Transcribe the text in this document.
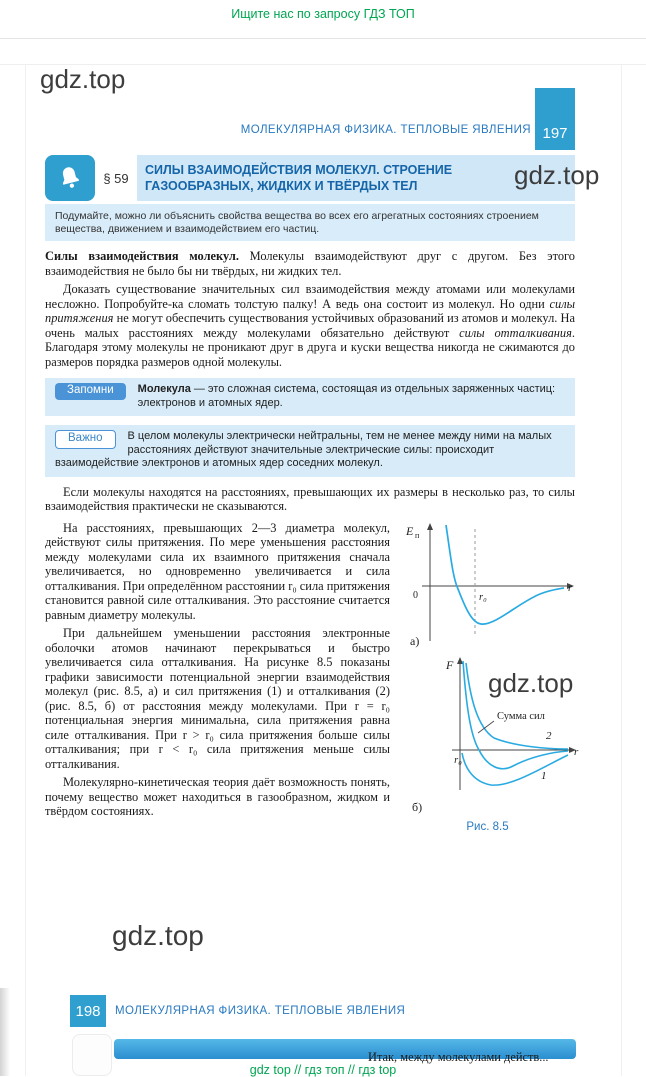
Ищите нас по запросу ГДЗ ТОП
gdz.top
gdz.top
gdz.top
gdz.top
197
МОЛЕКУЛЯРНАЯ ФИЗИКА. ТЕПЛОВЫЕ ЯВЛЕНИЯ
§ 59
СИЛЫ ВЗАИМОДЕЙСТВИЯ МОЛЕКУЛ. СТРОЕНИЕ
ГАЗООБРАЗНЫХ, ЖИДКИХ И ТВЁРДЫХ ТЕЛ
Подумайте, можно ли объяснить свойства вещества во всех его агрегатных состояниях строением вещества, движением и взаимодействием его частиц.

Силы взаимодействия молекул. Молекулы взаимодействуют друг с другом. Без этого взаимодействия не было бы ни твёрдых, ни жидких тел.

Доказать существование значительных сил взаимодействия между атомами или молекулами несложно. Попробуйте-ка сломать толстую палку! А ведь она состоит из молекул. Но одни силы притяжения не могут обеспечить существования устойчивых образований из атомов и молекул. На очень малых расстояниях между молекулами обязательно действуют силы отталкивания. Благодаря этому молекулы не проникают друг в друга и куски вещества никогда не сжимаются до размеров порядка размеров одной молекулы.

Запомни	Молекула — это сложная система, состоящая из отдельных заряженных частиц: электронов и атомных ядер.
Важно	В целом молекулы электрически нейтральны, тем не менее между ними на малых расстояниях действуют значительные электрические силы: происходит взаимодействие электронов и атомных ядер соседних молекул.

Если молекулы находятся на расстояниях, превышающих их размеры в несколько раз, то силы взаимодействия практически не сказываются.

На расстояниях, превышающих 2—3 диаметра молекул, действуют силы притяжения. По мере уменьшения расстояния между молекулами сила их взаимного притяжения сначала увеличивается, но одновременно увеличивается и сила отталкивания. При определённом расстоянии r₀ сила притяжения становится равной силе отталкивания. Это расстояние считается равным диаметру молекулы.

При дальнейшем уменьшении расстояния электронные оболочки атомов начинают перекрываться и быстро увеличивается сила отталкивания. На рисунке 8.5 показаны графики зависимости потенциальной энергии взаимодействия молекул (рис. 8.5, а) и сил притяжения (1) и отталкивания (2) (рис. 8.5, б) от расстояния между молекулами. При r = r₀ потенциальная энергия минимальна, сила притяжения равна силе отталкивания. При r > r₀ сила притяжения больше силы отталкивания; при r < r₀ сила притяжения меньше силы отталкивания.

Молекулярно-кинетическая теория даёт возможность понять, почему вещество может находиться в газообразном, жидком и твёрдом состояниях.

E п
0	r₀
r
а)
F
r
r₀
Сумма сил
2
1
б)
Рис. 8.5
198	МОЛЕКУЛЯРНАЯ ФИЗИКА. ТЕПЛОВЫЕ ЯВЛЕНИЯ
Итак, между молекулами действ...
gdz top // гдз топ // гдз top
